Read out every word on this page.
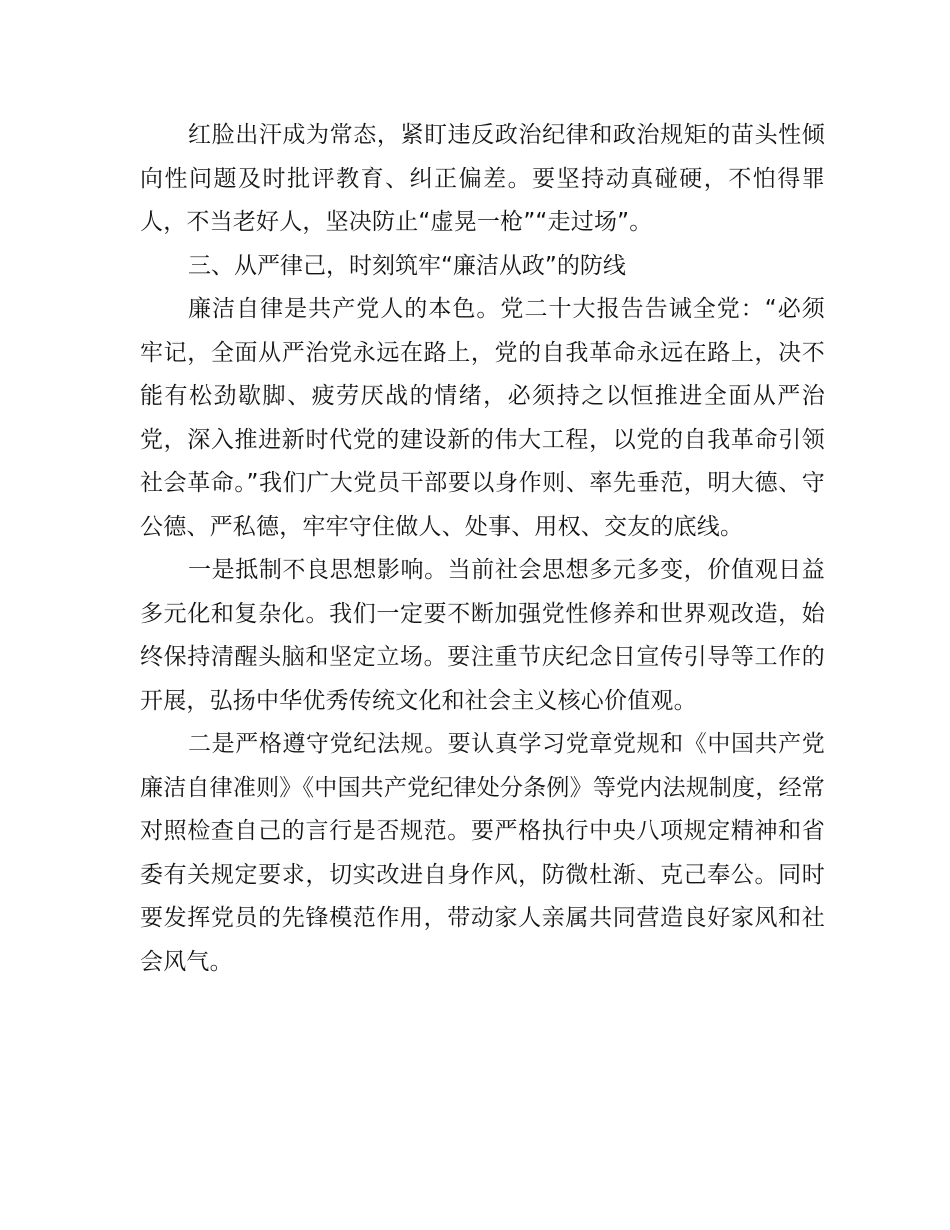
红脸出汗成为常态，紧盯违反政治纪律和政治规矩的苗头性倾向性问题及时批评教育、纠正偏差。要坚持动真碰硬，不怕得罪人，不当老好人，坚决防止“虚晃一枪”“走过场”。

三、从严律己，时刻筑牢“廉洁从政”的防线

廉洁自律是共产党人的本色。党二十大报告告诫全党：“必须牢记，全面从严治党永远在路上，党的自我革命永远在路上，决不能有松劲歇脚、疲劳厌战的情绪，必须持之以恒推进全面从严治党，深入推进新时代党的建设新的伟大工程，以党的自我革命引领社会革命。”我们广大党员干部要以身作则、率先垂范，明大德、守公德、严私德，牢牢守住做人、处事、用权、交友的底线。

一是抵制不良思想影响。当前社会思想多元多变，价值观日益多元化和复杂化。我们一定要不断加强党性修养和世界观改造，始终保持清醒头脑和坚定立场。要注重节庆纪念日宣传引导等工作的开展，弘扬中华优秀传统文化和社会主义核心价值观。

二是严格遵守党纪法规。要认真学习党章党规和《中国共产党廉洁自律准则》《中国共产党纪律处分条例》等党内法规制度，经常对照检查自己的言行是否规范。要严格执行中央八项规定精神和省委有关规定要求，切实改进自身作风，防微杜渐、克己奉公。同时要发挥党员的先锋模范作用，带动家人亲属共同营造良好家风和社会风气。
